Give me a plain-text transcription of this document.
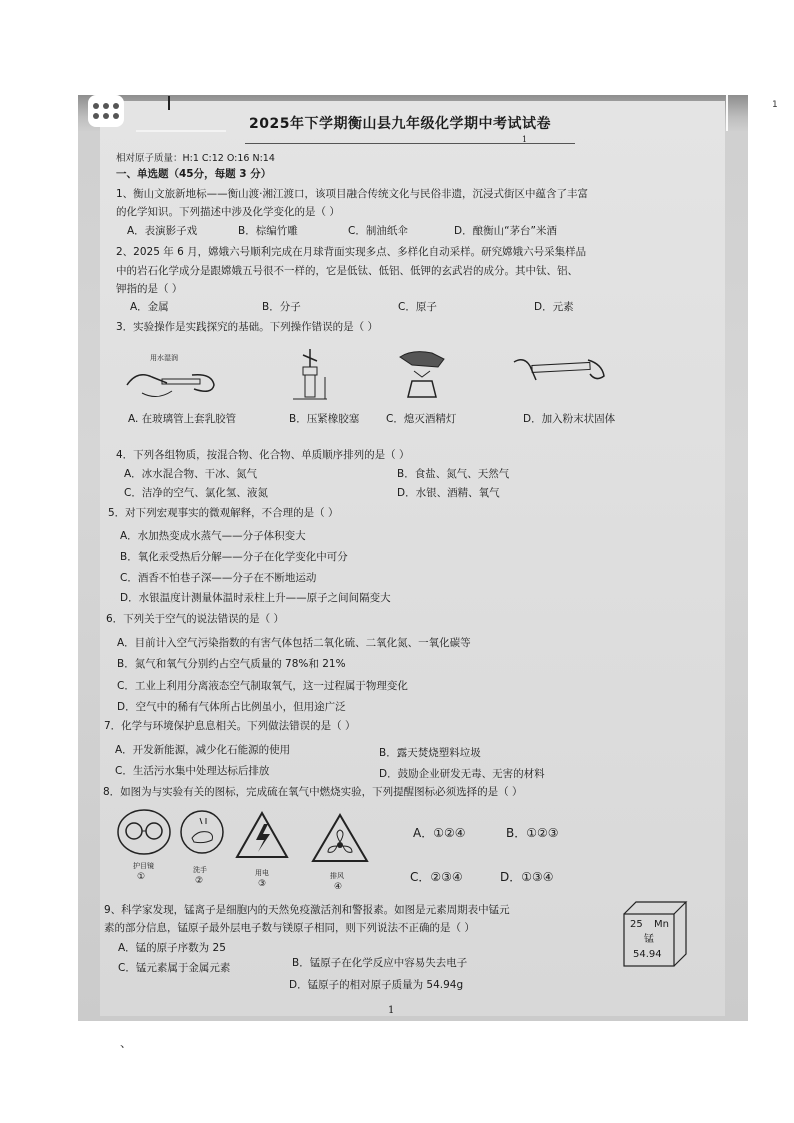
1
2025年下学期衡山县九年级化学期中考试试卷
1
相对原子质量：H:1 C:12 O:16 N:14
一、单选题（45分，每题 3 分）
1、衡山文旅新地标——衡山渡·湘江渡口，该项目融合传统文化与民俗非遗，沉浸式街区中蕴含了丰富
的化学知识。下列描述中涉及化学变化的是（ ）
A．表演影子戏	B．棕编竹雕	C．制油纸伞	D．酿衡山“茅台”米酒
2、2025 年 6 月，嫦娥六号顺利完成在月球背面实现多点、多样化自动采样。研究嫦娥六号采集样品
中的岩石化学成分是跟嫦娥五号很不一样的，它是低钛、低铝、低钾的玄武岩的成分。其中钛、铝、
钾指的是（ ）
A．金属	B．分子	C．原子	D．元素
3．实验操作是实践探究的基础。下列操作错误的是（ ）
用水湿润
A. 在玻璃管上套乳胶管	B．压紧橡胶塞	C．熄灭酒精灯	D．加入粉末状固体
4．下列各组物质，按混合物、化合物、单质顺序排列的是（ ）
A．冰水混合物、干冰、氮气	B．食盐、氮气、天然气
C．洁净的空气、氯化氢、液氮	D．水银、酒精、氧气
5．对下列宏观事实的微观解释，不合理的是（ ）
A．水加热变成水蒸气——分子体积变大
B．氧化汞受热后分解——分子在化学变化中可分
C．酒香不怕巷子深——分子在不断地运动
D．水银温度计测量体温时汞柱上升——原子之间间隔变大
6．下列关于空气的说法错误的是（ ）
A．目前计入空气污染指数的有害气体包括二氧化硫、二氧化氮、一氧化碳等
B．氮气和氧气分别约占空气质量的 78%和 21%
C．工业上利用分离液态空气制取氧气，这一过程属于物理变化
D．空气中的稀有气体所占比例虽小，但用途广泛
7．化学与环境保护息息相关。下列做法错误的是（ ）
A．开发新能源，减少化石能源的使用	B．露天焚烧塑料垃圾
C．生活污水集中处理达标后排放	D．鼓励企业研发无毒、无害的材料
8．如图为与实验有关的图标，完成硫在氧气中燃烧实验，下列提醒图标必须选择的是（ ）
护目镜
①
洗手
②
用电
③
排风
④
A．①②④	B．①②③
C．②③④	D．①③④
9、科学家发现，锰离子是细胞内的天然免疫激活剂和警报素。如图是元素周期表中锰元
素的部分信息，锰原子最外层电子数与镁原子相同，则下列说法不正确的是（ ）
A．锰的原子序数为 25
B．锰原子在化学反应中容易失去电子
C．锰元素属于金属元素
D．锰原子的相对原子质量为 54.94g
25 Mn
锰
54.94
1
、
